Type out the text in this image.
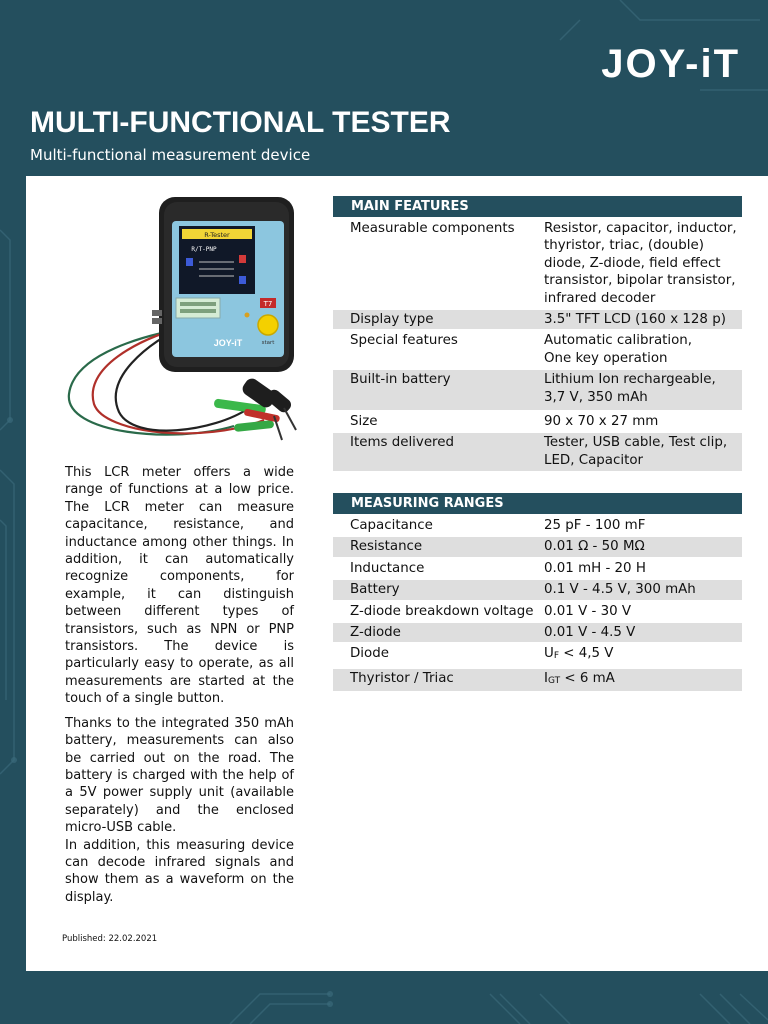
JOY-iT
MULTI-FUNCTIONAL TESTER
Multi-functional measurement device
R-Tester
R/T-PNP
T7
start
JOY-iT

This LCR meter offers a wide range of functions at a low price. The LCR meter can measure capacitance, resistance, and inductance among other things. In addition, it can automatically recognize components, for example, it can distinguish between different types of transistors, such as NPN or PNP transistors. The device is particularly easy to operate, as all measurements are started at the touch of a single button.

Thanks to the integrated 350 mAh battery, measurements can also be carried out on the road. The battery is charged with the help of a 5V power supply unit (available separately) and the enclosed micro-USB cable.

In addition, this measuring device can decode infrared signals and show them as a waveform on the display.

Published: 22.02.2021
MAIN FEATURES	
Measurable components	Resistor, capacitor, inductor, thyristor, triac, (double) diode, Z-diode, field effect transistor, bipolar transistor, infrared decoder
Display type	3.5" TFT LCD (160 x 128 p)
Special features	Automatic calibration,
One key operation
Built-in battery	Lithium Ion rechargeable,
3,7 V, 350 mAh
Size	90 x 70 x 27 mm
Items delivered	Tester, USB cable, Test clip, LED, Capacitor
MEASURING RANGES	
Capacitance	25 pF - 100 mF
Resistance	0.01 Ω - 50 MΩ
Inductance	0.01 mH - 20 H
Battery	0.1 V - 4.5 V, 300 mAh
Z-diode breakdown voltage	0.01 V - 30 V
Z-diode	0.01 V - 4.5 V
Diode	$U_F < 4,5$ V
Thyristor / Triac	$I_{GT} < 6$ mA
